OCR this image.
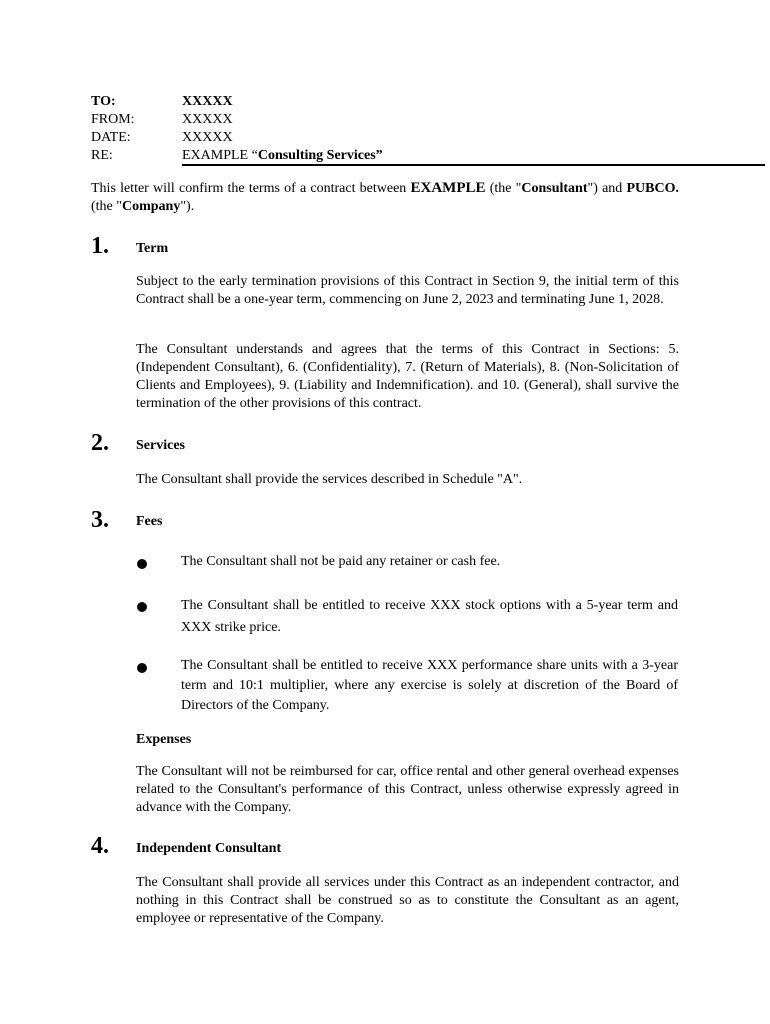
TO:	XXXXX
FROM:	XXXXX
DATE:	XXXXX
RE:	EXAMPLE “Consulting Services”
This letter will confirm the terms of a contract between EXAMPLE (the "Consultant") and PUBCO. (the "Company").
1. Term
Subject to the early termination provisions of this Contract in Section 9, the initial term of this Contract shall be a one-year term, commencing on June 2, 2023 and terminating June 1, 2028.
The Consultant understands and agrees that the terms of this Contract in Sections: 5. (Independent Consultant), 6. (Confidentiality), 7. (Return of Materials), 8. (Non-Solicitation of Clients and Employees), 9. (Liability and Indemnification). and 10. (General), shall survive the termination of the other provisions of this contract.
2. Services
The Consultant shall provide the services described in Schedule "A".
3. Fees
The Consultant shall not be paid any retainer or cash fee.
The Consultant shall be entitled to receive XXX stock options with a 5-year term and XXX strike price.
The Consultant shall be entitled to receive XXX performance share units with a 3-year term and 10:1 multiplier, where any exercise is solely at discretion of the Board of Directors of the Company.
Expenses
The Consultant will not be reimbursed for car, office rental and other general overhead expenses related to the Consultant's performance of this Contract, unless otherwise expressly agreed in advance with the Company.
4. Independent Consultant
The Consultant shall provide all services under this Contract as an independent contractor, and nothing in this Contract shall be construed so as to constitute the Consultant as an agent, employee or representative of the Company.
